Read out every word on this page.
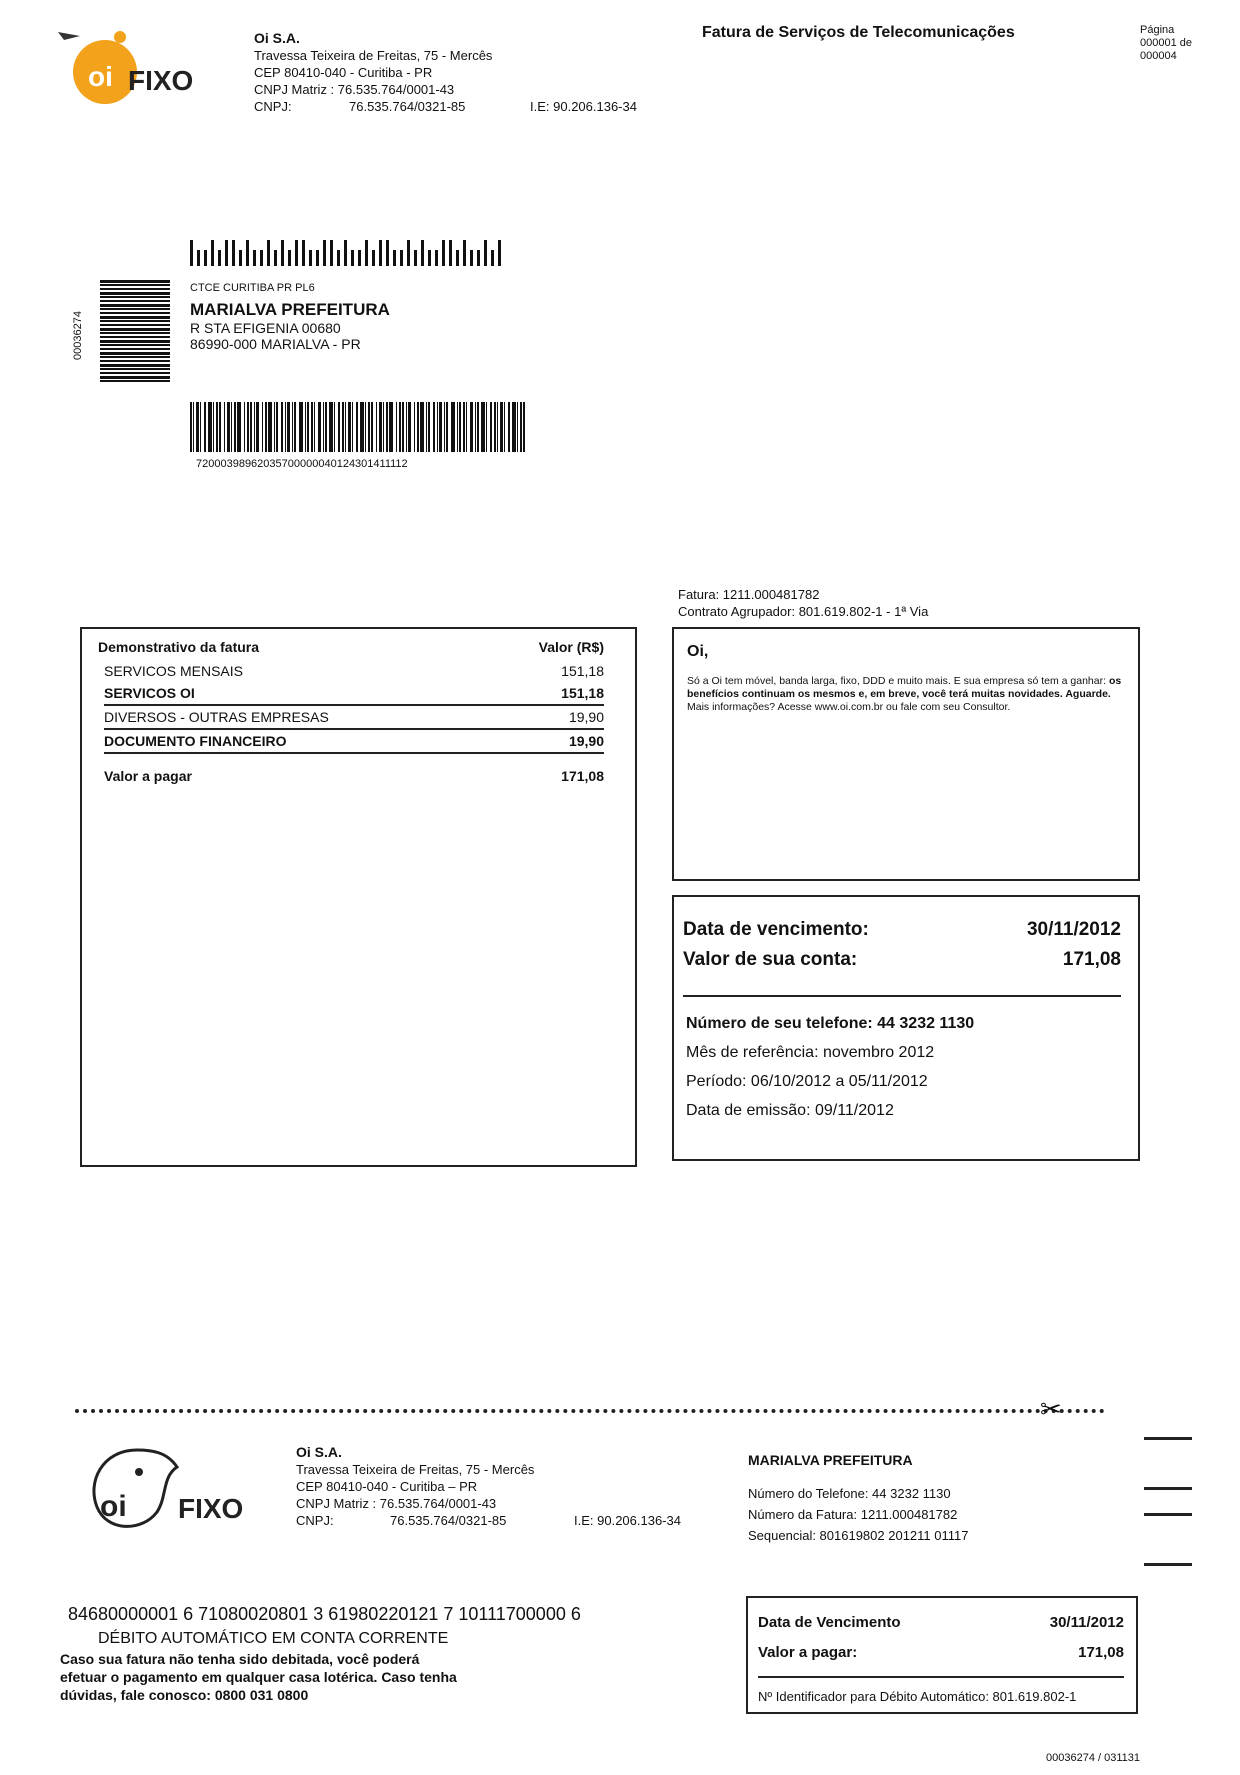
oi FIXO
Oi S.A.
Travessa Teixeira de Freitas, 75 - Mercês
CEP 80410-040 - Curitiba - PR
CNPJ Matriz : 76.535.764/0001-43
CNPJ:	76.535.764/0321-85	I.E: 90.206.136-34
Fatura de Serviços de Telecomunicações	Página
000001 de
000004
00036274
CTCE CURITIBA PR PL6
MARIALVA PREFEITURA
R STA EFIGENIA 00680
86990-000 MARIALVA - PR
72000398962035700000040124301411112
Fatura: 1211.000481782
Contrato Agrupador: 801.619.802-1 - 1ª Via
Demonstrativo da fatura	Valor (R$)
SERVICOS MENSAIS	151,18
SERVICOS OI	151,18
DIVERSOS - OUTRAS EMPRESAS	19,90
DOCUMENTO FINANCEIRO	19,90
Valor a pagar	171,08
Oi,
Só a Oi tem móvel, banda larga, fixo, DDD e muito mais. E sua empresa só tem a ganhar: os benefícios continuam os mesmos e, em breve, você terá muitas novidades. Aguarde.
Mais informações? Acesse www.oi.com.br ou fale com seu Consultor.
Data de vencimento:	30/11/2012
Valor de sua conta:	171,08
Número de seu telefone: 44 3232 1130
Mês de referência: novembro 2012
Período: 06/10/2012 a 05/11/2012
Data de emissão: 09/11/2012
✂
oi FIXO
Oi S.A.
Travessa Teixeira de Freitas, 75 - Mercês
CEP 80410-040 - Curitiba – PR
CNPJ Matriz : 76.535.764/0001-43
CNPJ:	76.535.764/0321-85	I.E: 90.206.136-34
MARIALVA PREFEITURA
Número do Telefone: 44 3232 1130
Número da Fatura: 1211.000481782
Sequencial: 801619802 201211 01117
84680000001 6 71080020801 3 61980220121 7 10111700000 6
DÉBITO AUTOMÁTICO EM CONTA CORRENTE
Caso sua fatura não tenha sido debitada, você poderá
efetuar o pagamento em qualquer casa lotérica. Caso tenha
dúvidas, fale conosco: 0800 031 0800
Data de Vencimento	30/11/2012
Valor a pagar:	171,08
Nº Identificador para Débito Automático: 801.619.802-1
00036274 / 031131
